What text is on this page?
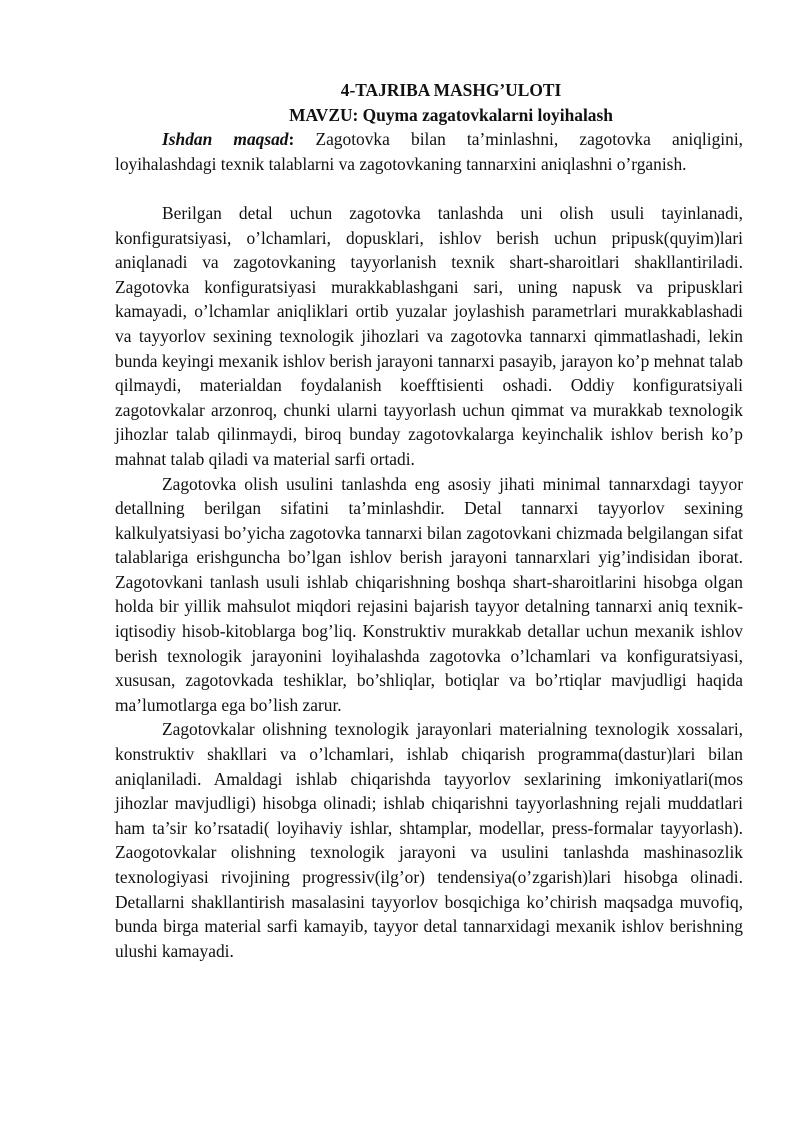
4-TAJRIBA MASHG’ULOTI
MAVZU: Quyma zagatovkalarni loyihalash

Ishdan maqsad: Zagotovka bilan ta’minlashni, zagotovka aniqligini, loyihalashdagi texnik talablarni va zagotovkaning tannarxini aniqlashni o’rganish.

Berilgan detal uchun zagotovka tanlashda uni olish usuli tayinlanadi, konfiguratsiyasi, o’lchamlari, dopusklari, ishlov berish uchun pripusk(quyim)lari aniqlanadi va zagotovkaning tayyorlanish texnik shart-sharoitlari shakllantiriladi. Zagotovka konfiguratsiyasi murakkablashgani sari, uning napusk va pripusklari kamayadi, o’lchamlar aniqliklari ortib yuzalar joylashish parametrlari murakkablashadi va tayyorlov sexining texnologik jihozlari va zagotovka tannarxi qimmatlashadi, lekin bunda keyingi mexanik ishlov berish jarayoni tannarxi pasayib, jarayon ko’p mehnat talab qilmaydi, materialdan foydalanish koefftisienti oshadi. Oddiy konfiguratsiyali zagotovkalar arzonroq, chunki ularni tayyorlash uchun qimmat va murakkab texnologik jihozlar talab qilinmaydi, biroq bunday zagotovkalarga keyinchalik ishlov berish ko’p mahnat talab qiladi va material sarfi ortadi.

Zagotovka olish usulini tanlashda eng asosiy jihati minimal tannarxdagi tayyor detallning berilgan sifatini ta’minlashdir. Detal tannarxi tayyorlov sexining kalkulyatsiyasi bo’yicha zagotovka tannarxi bilan zagotovkani chizmada belgilangan sifat talablariga erishguncha bo’lgan ishlov berish jarayoni tannarxlari yig’indisidan iborat. Zagotovkani tanlash usuli ishlab chiqarishning boshqa shart-sharoitlarini hisobga olgan holda bir yillik mahsulot miqdori rejasini bajarish tayyor detalning tannarxi aniq texnik-iqtisodiy hisob-kitoblarga bog’liq. Konstruktiv murakkab detallar uchun mexanik ishlov berish texnologik jarayonini loyihalashda zagotovka o’lchamlari va konfiguratsiyasi, xususan, zagotovkada teshiklar, bo’shliqlar, botiqlar va bo’rtiqlar mavjudligi haqida ma’lumotlarga ega bo’lish zarur.

Zagotovkalar olishning texnologik jarayonlari materialning texnologik xossalari, konstruktiv shakllari va o’lchamlari, ishlab chiqarish programma(dastur)lari bilan aniqlaniladi. Amaldagi ishlab chiqarishda tayyorlov sexlarining imkoniyatlari(mos jihozlar mavjudligi) hisobga olinadi; ishlab chiqarishni tayyorlashning rejali muddatlari ham ta’sir ko’rsatadi( loyihaviy ishlar, shtamplar, modellar, press-formalar tayyorlash). Zaogotovkalar olishning texnologik jarayoni va usulini tanlashda mashinasozlik texnologiyasi rivojining progressiv(ilg’or) tendensiya(o’zgarish)lari hisobga olinadi. Detallarni shakllantirish masalasini tayyorlov bosqichiga ko’chirish maqsadga muvofiq, bunda birga material sarfi kamayib, tayyor detal tannarxidagi mexanik ishlov berishning ulushi kamayadi.
